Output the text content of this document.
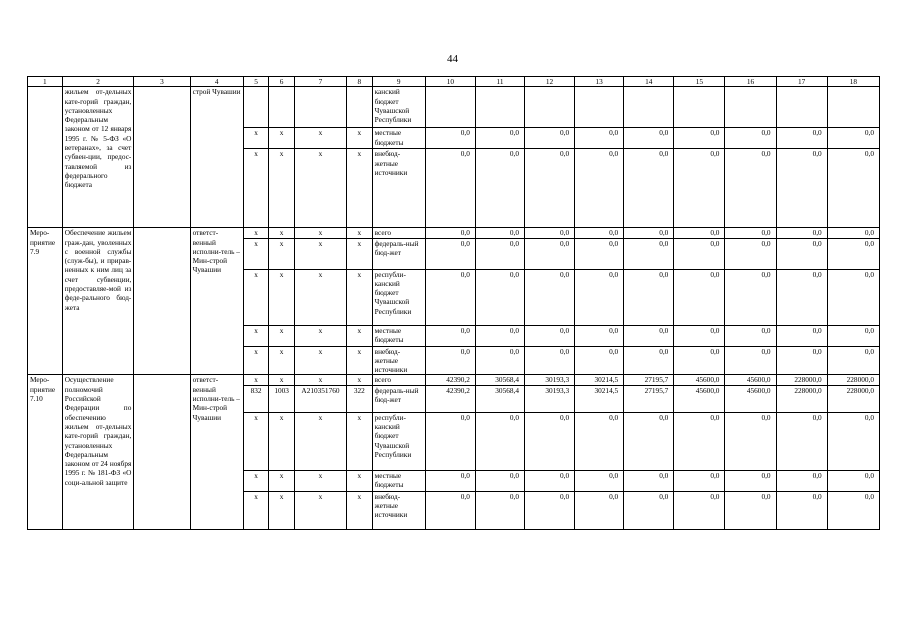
44
1	2	3	4	5	6	7	8	9	10	11	12	13	14	15	16	17	18
	жильем от-дельных кате-горий граждан, установленных Федеральным законом от 12 января 1995 г. № 5-ФЗ «О ветеранах», за счет субвен-ции, предос-тавляемой из федерального бюджета		строй Чувашии					канский бюджет Чувашской Республики									
				x	x	x	x	местные бюджеты	0,0	0,0	0,0	0,0	0,0	0,0	0,0	0,0	0,0
				x	x	x	x	внебюд-жетные источники	0,0	0,0	0,0	0,0	0,0	0,0	0,0	0,0	0,0
Меро-приятие 7.9	Обеспечение жильем граж-дан, уволенных с военной службы (служ-бы), и прирав-ненных к ним лиц за счет субвенции, предоставляе-мой из феде-рального бюд-жета		ответст-венный исполни-тель – Мин-строй Чувашии	x	x	x	x	всего	0,0	0,0	0,0	0,0	0,0	0,0	0,0	0,0	0,0
				x	x	x	x	федераль-ный бюд-жет	0,0	0,0	0,0	0,0	0,0	0,0	0,0	0,0	0,0
				x	x	x	x	республи-канский бюджет Чувашской Республики	0,0	0,0	0,0	0,0	0,0	0,0	0,0	0,0	0,0
				x	x	x	x	местные бюджеты	0,0	0,0	0,0	0,0	0,0	0,0	0,0	0,0	0,0
				x	x	x	x	внебюд-жетные источники	0,0	0,0	0,0	0,0	0,0	0,0	0,0	0,0	0,0
Меро-приятие 7.10	Осуществление полномочий Российской Федерации по обеспечению жильем от-дельных кате-горий граждан, установленных Федеральным законом от 24 ноября 1995 г. № 181-ФЗ «О соци-альной защите		ответст-венный исполни-тель – Мин-строй Чувашии	x	x	x	x	всего	42390,2	30568,4	30193,3	30214,5	27195,7	45600,0	45600,0	228000,0	228000,0
				832	1003	A210351760	322	федераль-ный бюд-жет	42390,2	30568,4	30193,3	30214,5	27195,7	45600,0	45600,0	228000,0	228000,0
				x	x	x	x	республи-канский бюджет Чувашской Республики	0,0	0,0	0,0	0,0	0,0	0,0	0,0	0,0	0,0
				x	x	x	x	местные бюджеты	0,0	0,0	0,0	0,0	0,0	0,0	0,0	0,0	0,0
				x	x	x	x	внебюд-жетные источники	0,0	0,0	0,0	0,0	0,0	0,0	0,0	0,0	0,0
